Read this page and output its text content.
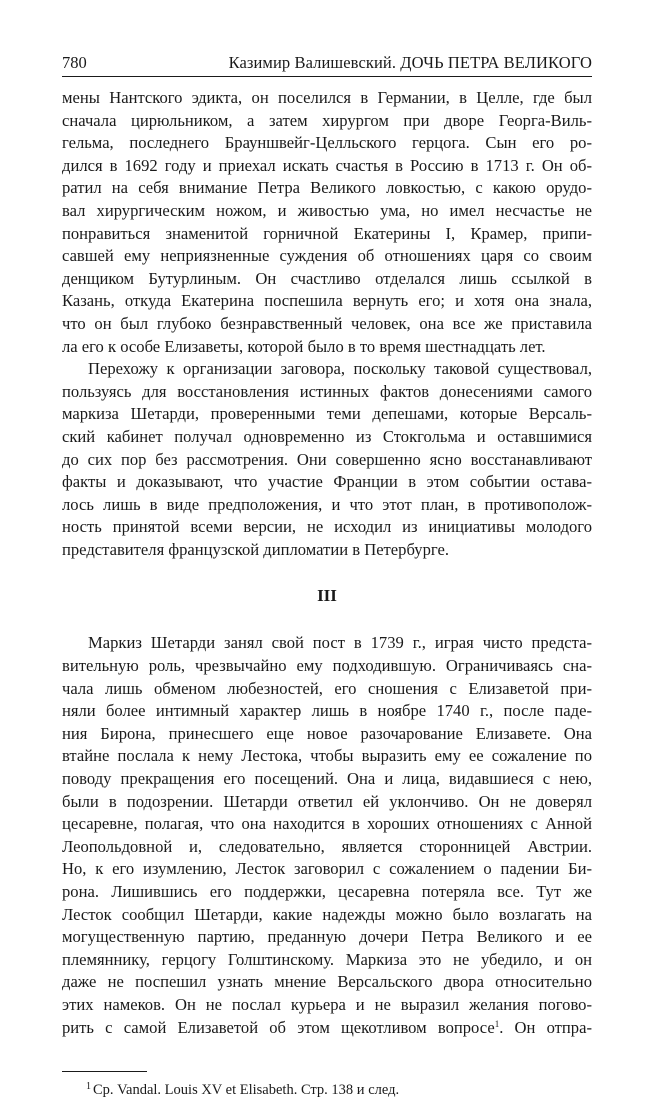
780	Казимир Валишевский. ДОЧЬ ПЕТРА ВЕЛИКОГО
мены Нантского эдикта, он поселился в Германии, в Целле, где был
сначала цирюльником, а затем хирургом при дворе Георга-Виль-
гельма, последнего Брауншвейг-Целльского герцога. Сын его ро-
дился в 1692 году и приехал искать счастья в Россию в 1713 г. Он об-
ратил на себя внимание Петра Великого ловкостью, с какою орудо-
вал хирургическим ножом, и живостью ума, но имел несчастье не
понравиться знаменитой горничной Екатерины I, Крамер, припи-
савшей ему неприязненные суждения об отношениях царя со своим
денщиком Бутурлиным. Он счастливо отделался лишь ссылкой в
Казань, откуда Екатерина поспешила вернуть его; и хотя она знала,
что он был глубоко безнравственный человек, она все же приставила
ла его к особе Елизаветы, которой было в то время шестнадцать лет.
Перехожу к организации заговора, поскольку таковой существовал,
пользуясь для восстановления истинных фактов донесениями самого
маркиза Шетарди, проверенными теми депешами, которые Версаль-
ский кабинет получал одновременно из Стокгольма и оставшимися
до сих пор без рассмотрения. Они совершенно ясно восстанавливают
факты и доказывают, что участие Франции в этом событии остава-
лось лишь в виде предположения, и что этот план, в противополож-
ность принятой всеми версии, не исходил из инициативы молодого
представителя французской дипломатии в Петербурге.
III
Маркиз Шетарди занял свой пост в 1739 г., играя чисто предста-
вительную роль, чрезвычайно ему подходившую. Ограничиваясь сна-
чала лишь обменом любезностей, его сношения с Елизаветой при-
няли более интимный характер лишь в ноябре 1740 г., после паде-
ния Бирона, принесшего еще новое разочарование Елизавете. Она
втайне послала к нему Лестока, чтобы выразить ему ее сожаление по
поводу прекращения его посещений. Она и лица, видавшиеся с нею,
были в подозрении. Шетарди ответил ей уклончиво. Он не доверял
цесаревне, полагая, что она находится в хороших отношениях с Анной
Леопольдовной и, следовательно, является сторонницей Австрии.
Но, к его изумлению, Лесток заговорил с сожалением о падении Би-
рона. Лишившись его поддержки, цесаревна потеряла все. Тут же
Лесток сообщил Шетарди, какие надежды можно было возлагать на
могущественную партию, преданную дочери Петра Великого и ее
племяннику, герцогу Голштинскому. Маркиза это не убедило, и он
даже не поспешил узнать мнение Версальского двора относительно
этих намеков. Он не послал курьера и не выразил желания погово-
рить с самой Елизаветой об этом щекотливом вопросе$^1$. Он отпра-
$^1$ Ср. Vandal. Louis XV et Elisabeth. Стр. 138 и след.
